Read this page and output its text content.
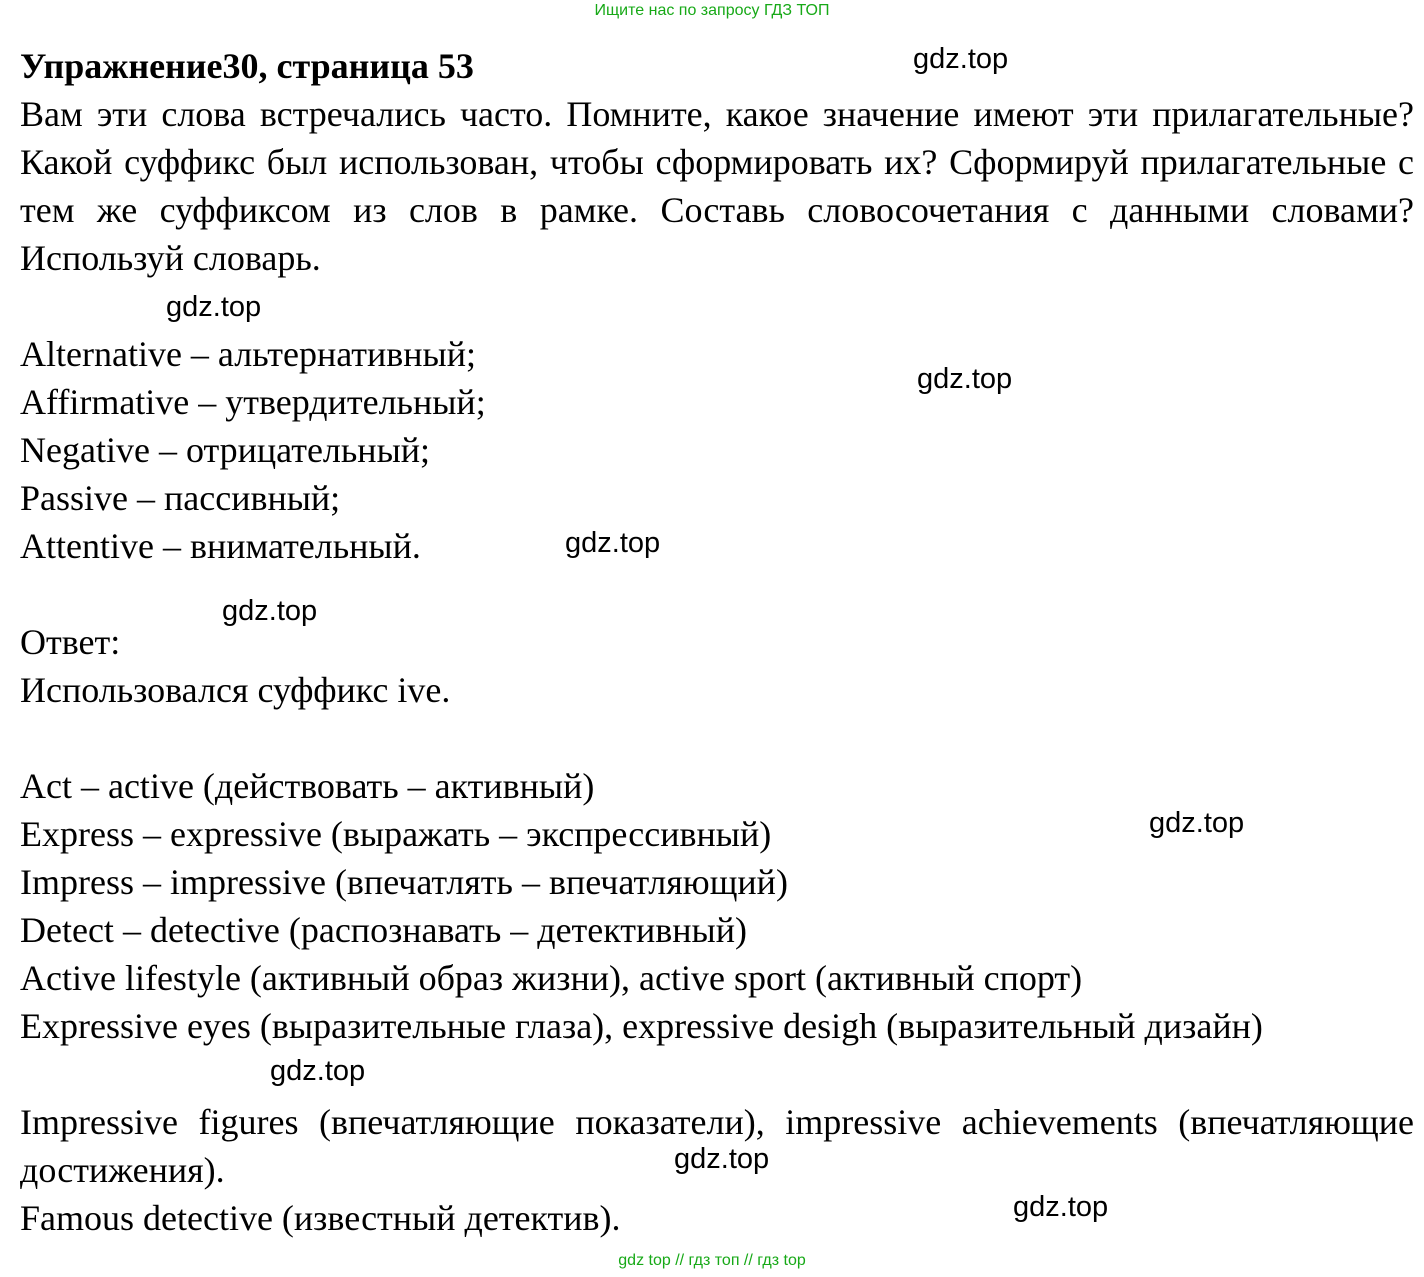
Ищите нас по запросу ГДЗ ТОП
Упражнение30, страница 53
Вам эти слова встречались часто. Помните, какое значение имеют эти прилагательные? Какой суффикс был использован, чтобы сформировать их? Сформируй прилагательные с тем же суффиксом из слов в рамке. Составь словосочетания с данными словами? Используй словарь.
Alternative – альтернативный;
Affirmative – утвердительный;
Negative – отрицательный;
Passive – пассивный;
Attentive – внимательный.
Ответ:
Использовался суффикс ive.
Act – active (действовать – активный)
Express – expressive (выражать – экспрессивный)
Impress – impressive (впечатлять – впечатляющий)
Detect – detective (распознавать – детективный)
Active lifestyle (активный образ жизни), active sport (активный спорт)
Expressive eyes (выразительные глаза), expressive desigh (выразительный дизайн)
Impressive figures (впечатляющие показатели), impressive achievements (впечатляющие достижения).
Famous detective (известный детектив).
gdz.top
gdz.top
gdz.top
gdz.top
gdz.top
gdz.top
gdz.top
gdz.top
gdz.top
gdz top // гдз топ // гдз top
